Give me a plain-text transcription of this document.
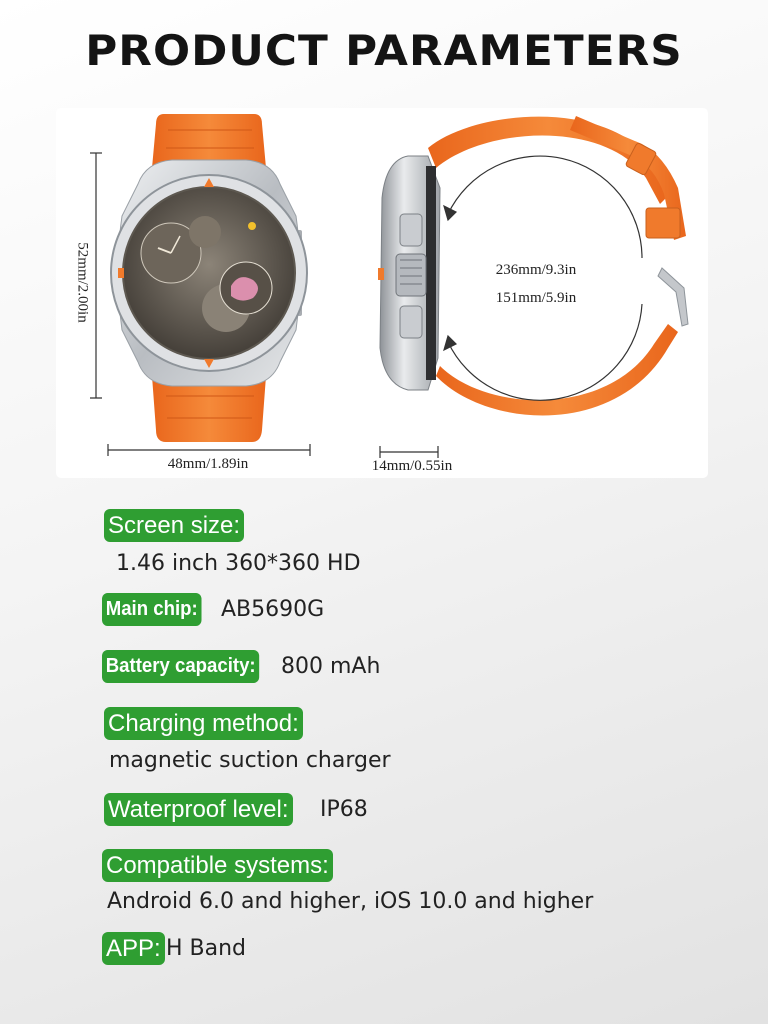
PRODUCT PARAMETERS
52mm/2.00in
48mm/1.89in	14mm/0.55in
236mm/9.3in
151mm/5.9in
Screen size:
1.46 inch 360*360 HD
Main chip: AB5690G
Battery capacity: 800 mAh
Charging method:
magnetic suction charger
Waterproof level: IP68
Compatible systems:
Android 6.0 and higher, iOS 10.0 and higher
APP: H Band
